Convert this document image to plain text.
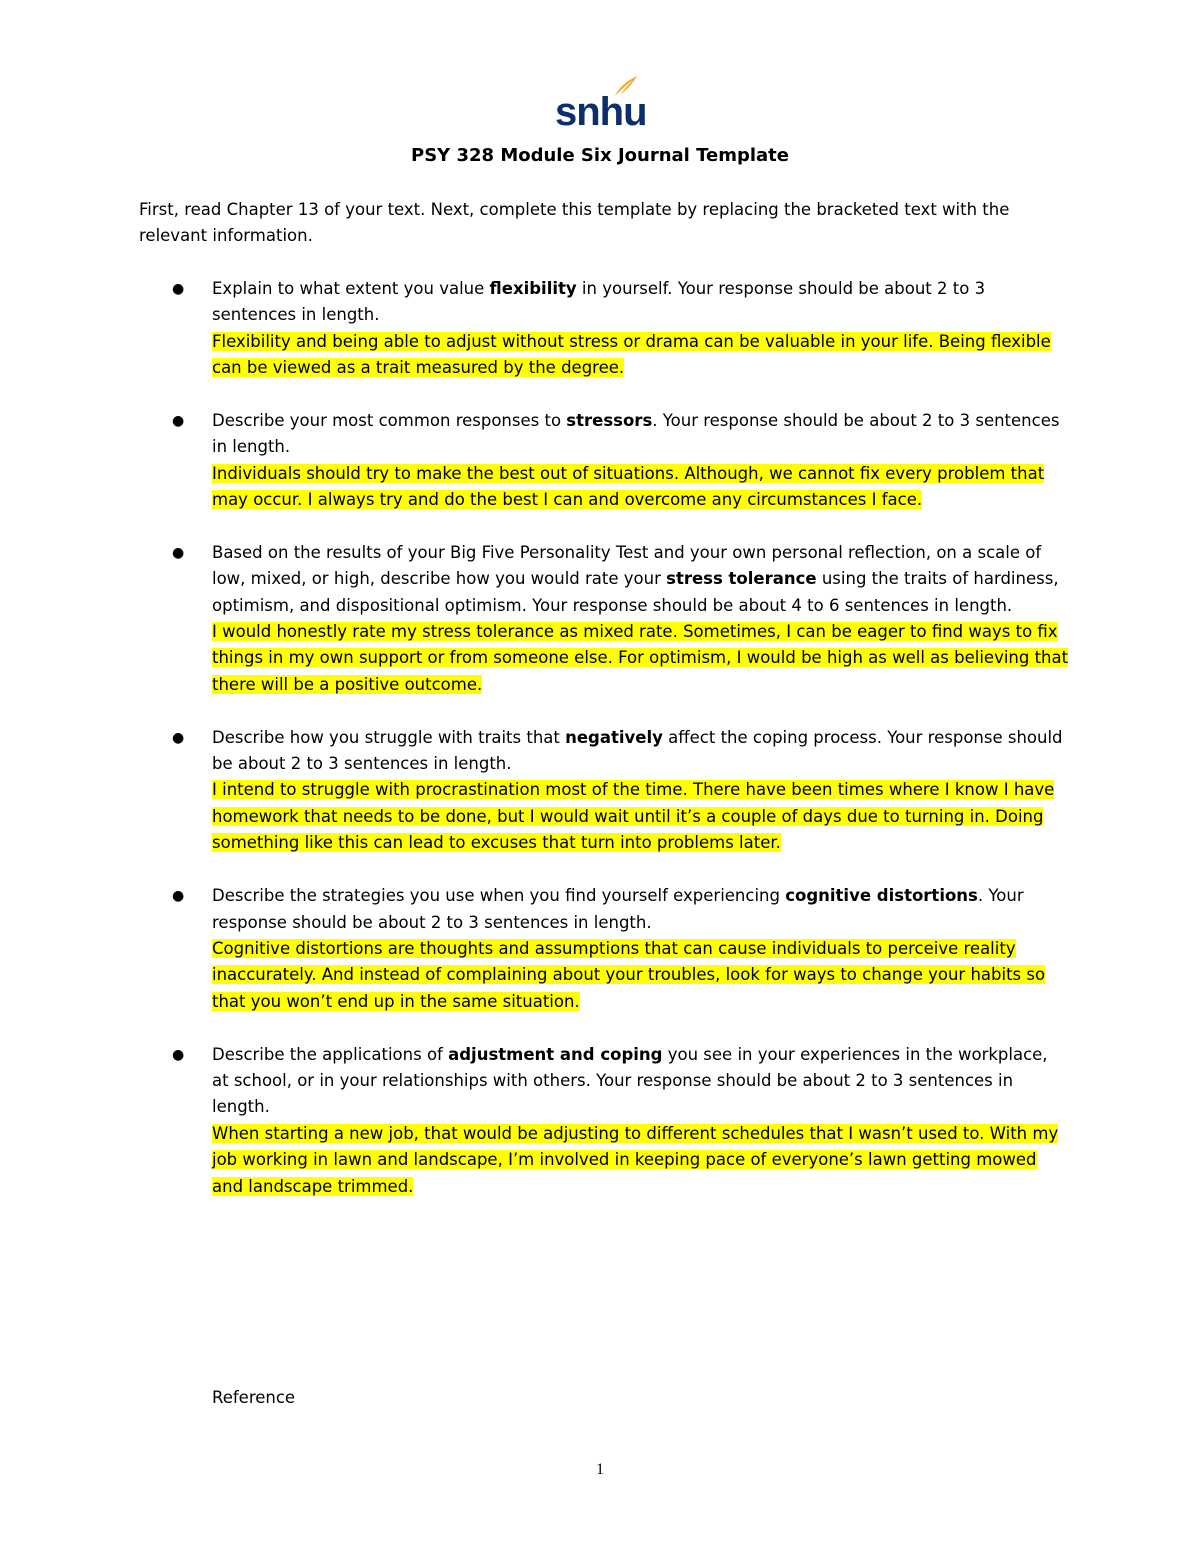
snhu
PSY 328 Module Six Journal Template

First, read Chapter 13 of your text. Next, complete this template by replacing the bracketed text with the relevant information.

● Explain to what extent you value flexibility in yourself. Your response should be about 2 to 3 sentences in length.
Flexibility and being able to adjust without stress or drama can be valuable in your life. Being flexible can be viewed as a trait measured by the degree.
● Describe your most common responses to stressors. Your response should be about 2 to 3 sentences in length.
Individuals should try to make the best out of situations. Although, we cannot fix every problem that may occur. I always try and do the best I can and overcome any circumstances I face.
● Based on the results of your Big Five Personality Test and your own personal reflection, on a scale of low, mixed, or high, describe how you would rate your stress tolerance using the traits of hardiness, optimism, and dispositional optimism. Your response should be about 4 to 6 sentences in length.
I would honestly rate my stress tolerance as mixed rate. Sometimes, I can be eager to find ways to fix things in my own support or from someone else. For optimism, I would be high as well as believing that there will be a positive outcome.
● Describe how you struggle with traits that negatively affect the coping process. Your response should be about 2 to 3 sentences in length.
I intend to struggle with procrastination most of the time. There have been times where I know I have homework that needs to be done, but I would wait until it’s a couple of days due to turning in. Doing something like this can lead to excuses that turn into problems later.
● Describe the strategies you use when you find yourself experiencing cognitive distortions. Your response should be about 2 to 3 sentences in length.
Cognitive distortions are thoughts and assumptions that can cause individuals to perceive reality inaccurately. And instead of complaining about your troubles, look for ways to change your habits so that you won’t end up in the same situation.
● Describe the applications of adjustment and coping you see in your experiences in the workplace, at school, or in your relationships with others. Your response should be about 2 to 3 sentences in length.
When starting a new job, that would be adjusting to different schedules that I wasn’t used to. With my job working in lawn and landscape, I’m involved in keeping pace of everyone’s lawn getting mowed and landscape trimmed.
Reference
1
